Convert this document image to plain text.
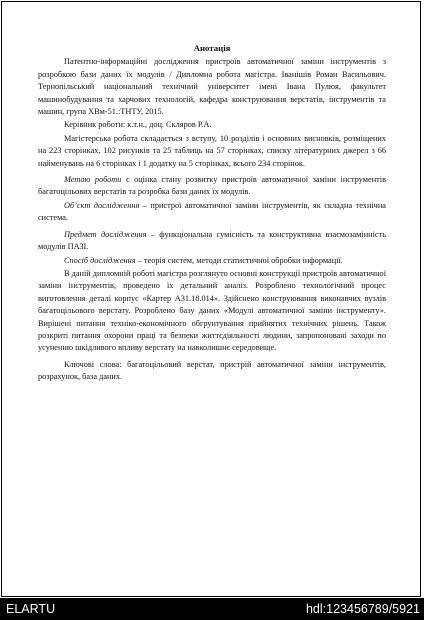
Анотація

Патентно-інформаційні дослідження пристроїв автоматичної заміни інструментів з розробкою бази даних їх модулів / Дипломна робота магістра. Іванішів Роман Васильович. Тернопільський національний технічний університет імені Івана Пулюя, факультет машинобудування та харчових технологій, кафедра конструювання верстатів, інструментів та машин, група ХВм-51.:ТНТУ, 2015.

Керівник роботи: к.т.н., доц. Скляров Р.А.

Магістерська робота складається з вступу, 10 розділів і основних висновків, розміщених на 223 сторінках, 102 рисунків та 25 таблиць на 57 сторінках, списку літературних джерел з 66 найменувань на 6 сторінках і 1 додатку на 5 сторінках, всього 234 сторінок.

Метою роботи є оцінка стану розвитку пристроїв автоматичної заміни інструментів багатоцільових верстатів та розробка бази даних їх модулів.

Об’єкт дослідження – пристрої автоматичної заміни інструментів, як складна технічна система.

Предмет дослідження – функціональна сумісність та конструктивна взаємозамінність модулів ПАЗІ.

Спосіб дослідження – теорія систем, методи статистичної обробки інформації.

В даній дипломній роботі магістра розглянуто основні конструкції пристроїв автоматичної заміни інструментів, проведено їх детальний аналіз. Розроблено технологічний процес виготовлення деталі корпус «Картер А31.18.014». Здійснено конструювання виконавчих вузлів багатоцільового верстату. Розроблено базу даних «Модулі автоматичної заміни інструменту». Вирішені питання техніко-економічного обгрунтування прийнятих технічних рішень. Також розкриті питання охорони праці та безпеки життєдіяльності людини, запропоновані заходи по усуненню шкідливого впливу верстату на навколишнє середовище.

Ключові слова: багатоцільовий верстат, пристрій автоматичної заміни інструментів, розрахунок, база даних.

ELARTU	hdl:123456789/5921
